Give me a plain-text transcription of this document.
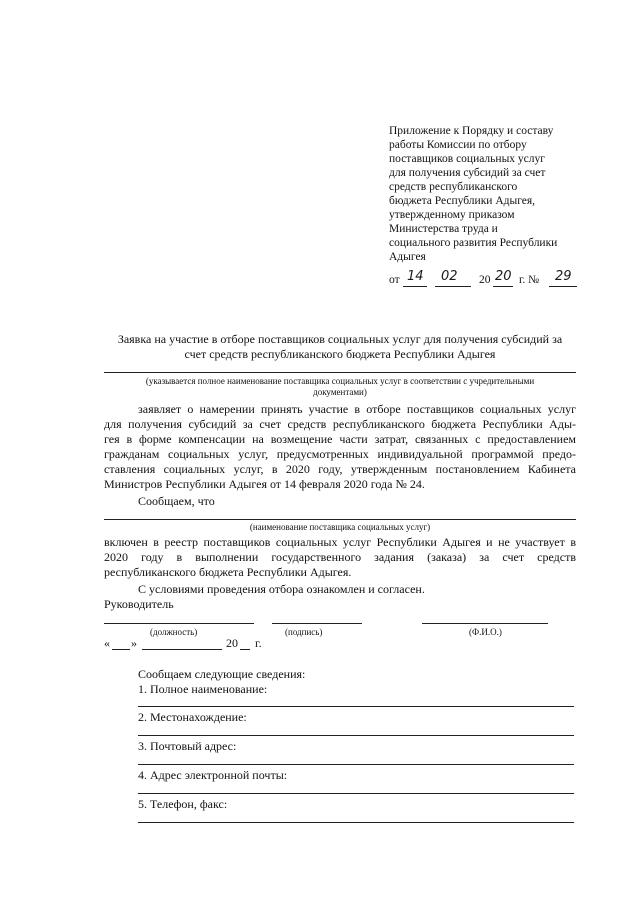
Приложение к Порядку и составу
работы Комиссии по отбору
поставщиков социальных услуг
для получения субсидий за счет
средств республиканского
бюджета Республики Адыгея,
утвержденному приказом
Министерства труда и
социального развития Республики
Адыгея
от 14 02 20 20 г. № 29
Заявка на участие в отборе поставщиков социальных услуг для получения субсидий за
счет средств республиканского бюджета Республики Адыгея
(указывается полное наименование поставщика социальных услуг в соответствии с учредительными
документами)
заявляет о намерении принять участие в отборе поставщиков социальных услуг
для получения субсидий за счет средств республиканского бюджета Республики Ады-
гея в форме компенсации на возмещение части затрат, связанных с предоставлением
гражданам социальных услуг, предусмотренных индивидуальной программой предо-
ставления социальных услуг, в 2020 году, утвержденным постановлением Кабинета
Министров Республики Адыгея от 14 февраля 2020 года № 24.
Сообщаем, что
(наименование поставщика социальных услуг)
включен в реестр поставщиков социальных услуг Республики Адыгея и не участвует в
2020 году в выполнении государственного задания (заказа) за счет средств
республиканского бюджета Республики Адыгея.
С условиями проведения отбора ознакомлен и согласен.
Руководитель
(должность)	(подпись)	(Ф.И.О.)
« »	20 г.
Сообщаем следующие сведения:
1. Полное наименование:
2. Местонахождение:
3. Почтовый адрес:
4. Адрес электронной почты:
5. Телефон, факс:
